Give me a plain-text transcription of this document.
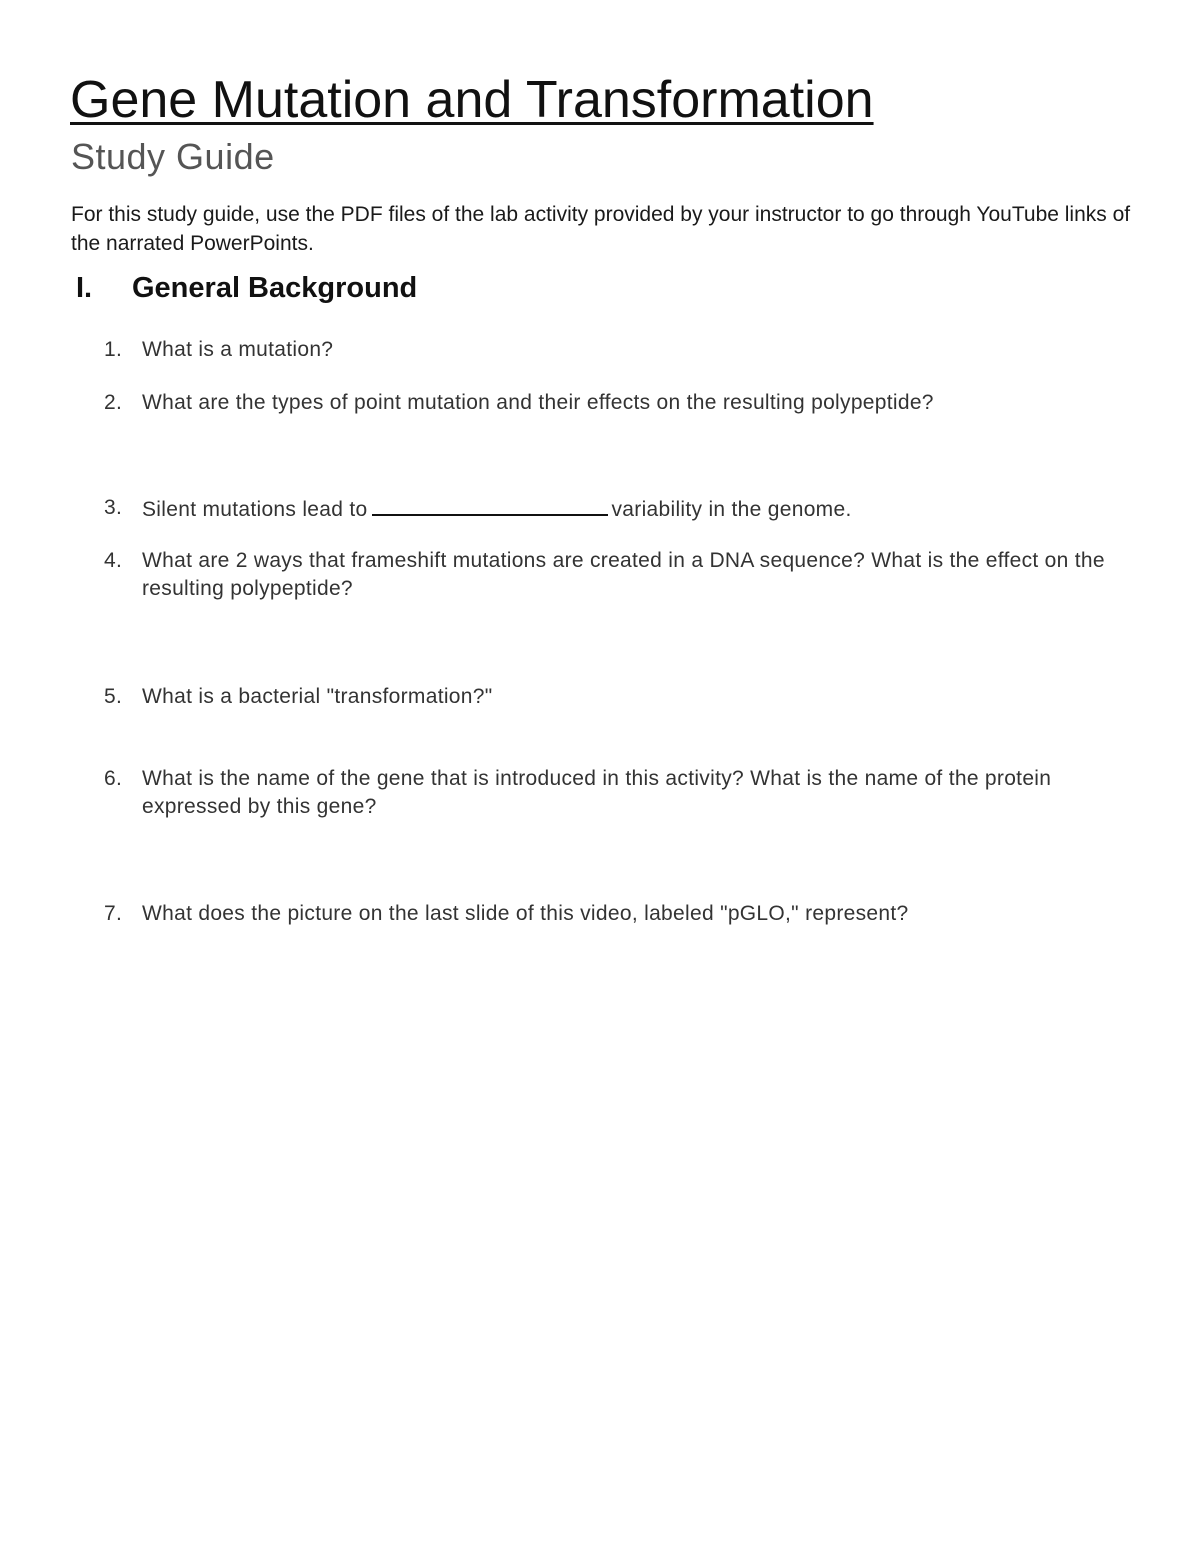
Gene Mutation and Transformation
Study Guide

For this study guide, use the PDF files of the lab activity provided by your instructor to go through YouTube links of the narrated PowerPoints.

I. General Background
1. What is a mutation?
2. What are the types of point mutation and their effects on the resulting polypeptide?
3. Silent mutations lead to	variability in the genome.
4. What are 2 ways that frameshift mutations are created in a DNA sequence? What is the effect on the resulting polypeptide?
5. What is a bacterial "transformation?"
6. What is the name of the gene that is introduced in this activity? What is the name of the protein expressed by this gene?
7. What does the picture on the last slide of this video, labeled "pGLO," represent?
